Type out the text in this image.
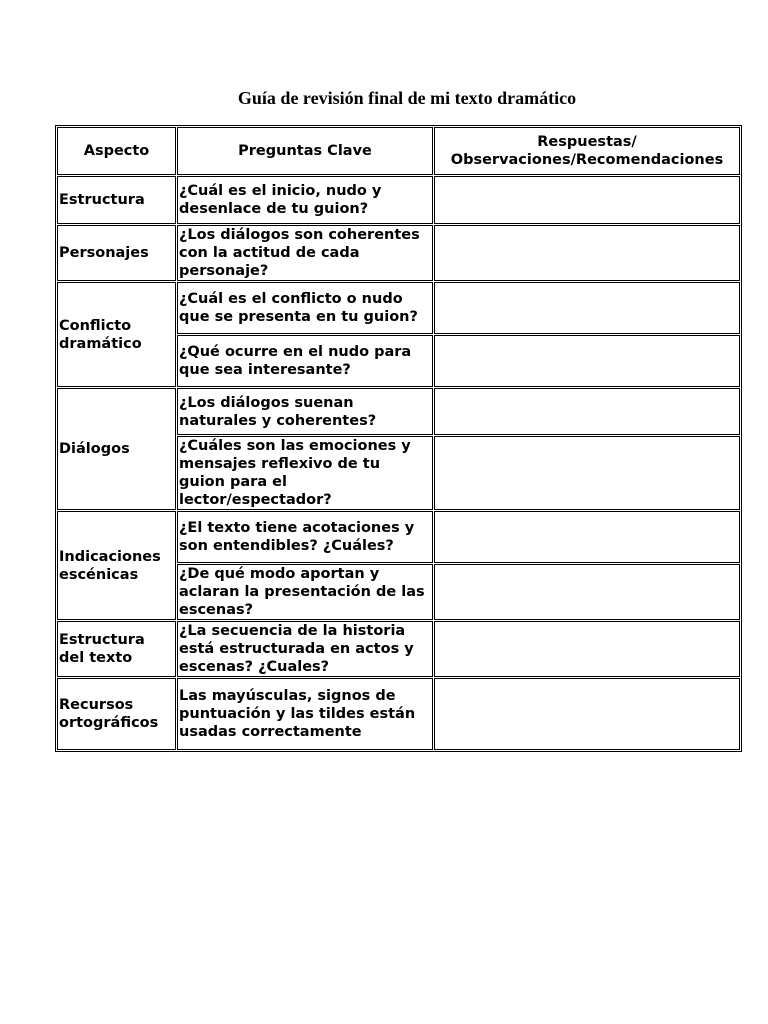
Guía de revisión final de mi texto dramático
Aspecto	Preguntas Clave	Respuestas/ Observaciones/Recomendaciones
Estructura	¿Cuál es el inicio, nudo y desenlace de tu guion?	
Personajes	¿Los diálogos son coherentes con la actitud de cada personaje?	
Conflicto dramático	¿Cuál es el conflicto o nudo que se presenta en tu guion?	
	¿Qué ocurre en el nudo para que sea interesante?	
Diálogos	¿Los diálogos suenan naturales y coherentes?	
	¿Cuáles son las emociones y mensajes reflexivo de tu guion para el lector/espectador?	
Indicaciones escénicas	¿El texto tiene acotaciones y son entendibles? ¿Cuáles?	
	¿De qué modo aportan y aclaran la presentación de las escenas?	
Estructura del texto	¿La secuencia de la historia está estructurada en actos y escenas? ¿Cuales?	
Recursos ortográficos	Las mayúsculas, signos de puntuación y las tildes están usadas correctamente	
